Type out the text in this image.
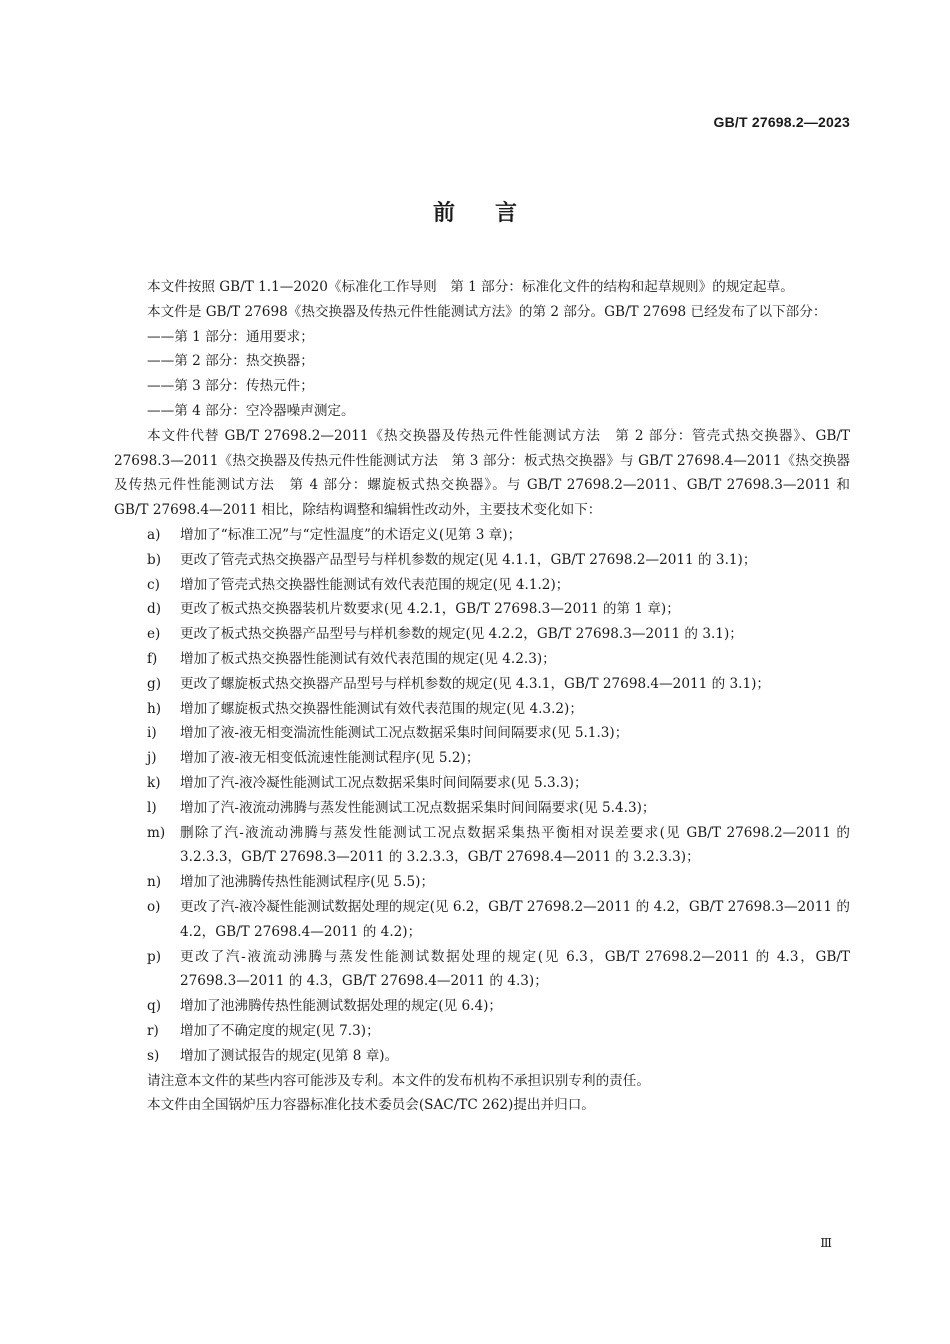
GB/T 27698.2—2023
前言

本文件按照 GB/T 1.1—2020《标准化工作导则　第 1 部分：标准化文件的结构和起草规则》的规定起草。

本文件是 GB/T 27698《热交换器及传热元件性能测试方法》的第 2 部分。GB/T 27698 已经发布了以下部分：

——第 1 部分：通用要求；

——第 2 部分：热交换器；

——第 3 部分：传热元件；

——第 4 部分：空冷器噪声测定。

本文件代替 GB/T 27698.2—2011《热交换器及传热元件性能测试方法　第 2 部分：管壳式热交换器》、GB/T 27698.3—2011《热交换器及传热元件性能测试方法　第 3 部分：板式热交换器》与 GB/T 27698.4—2011《热交换器及传热元件性能测试方法　第 4 部分：螺旋板式热交换器》。与 GB/T 27698.2—2011、GB/T 27698.3—2011 和 GB/T 27698.4—2011 相比，除结构调整和编辑性改动外，主要技术变化如下：

a)	增加了“标准工况”与“定性温度”的术语定义(见第 3 章)；
b)	更改了管壳式热交换器产品型号与样机参数的规定(见 4.1.1，GB/T 27698.2—2011 的 3.1)；
c)	增加了管壳式热交换器性能测试有效代表范围的规定(见 4.1.2)；
d)	更改了板式热交换器装机片数要求(见 4.2.1，GB/T 27698.3—2011 的第 1 章)；
e)	更改了板式热交换器产品型号与样机参数的规定(见 4.2.2，GB/T 27698.3—2011 的 3.1)；
f)	增加了板式热交换器性能测试有效代表范围的规定(见 4.2.3)；
g)	更改了螺旋板式热交换器产品型号与样机参数的规定(见 4.3.1，GB/T 27698.4—2011 的 3.1)；
h)	增加了螺旋板式热交换器性能测试有效代表范围的规定(见 4.3.2)；
i)	增加了液-液无相变湍流性能测试工况点数据采集时间间隔要求(见 5.1.3)；
j)	增加了液-液无相变低流速性能测试程序(见 5.2)；
k)	增加了汽-液冷凝性能测试工况点数据采集时间间隔要求(见 5.3.3)；
l)	增加了汽-液流动沸腾与蒸发性能测试工况点数据采集时间间隔要求(见 5.4.3)；
m)	删除了汽-液流动沸腾与蒸发性能测试工况点数据采集热平衡相对误差要求(见 GB/T 27698.2—2011 的 3.2.3.3，GB/T 27698.3—2011 的 3.2.3.3，GB/T 27698.4—2011 的 3.2.3.3)；
n)	增加了池沸腾传热性能测试程序(见 5.5)；
o)	更改了汽-液冷凝性能测试数据处理的规定(见 6.2，GB/T 27698.2—2011 的 4.2，GB/T 27698.3—2011 的 4.2，GB/T 27698.4—2011 的 4.2)；
p)	更改了汽-液流动沸腾与蒸发性能测试数据处理的规定(见 6.3，GB/T 27698.2—2011 的 4.3，GB/T 27698.3—2011 的 4.3，GB/T 27698.4—2011 的 4.3)；
q)	增加了池沸腾传热性能测试数据处理的规定(见 6.4)；
r)	增加了不确定度的规定(见 7.3)；
s)	增加了测试报告的规定(见第 8 章)。

请注意本文件的某些内容可能涉及专利。本文件的发布机构不承担识别专利的责任。

本文件由全国锅炉压力容器标准化技术委员会(SAC/TC 262)提出并归口。

Ⅲ
